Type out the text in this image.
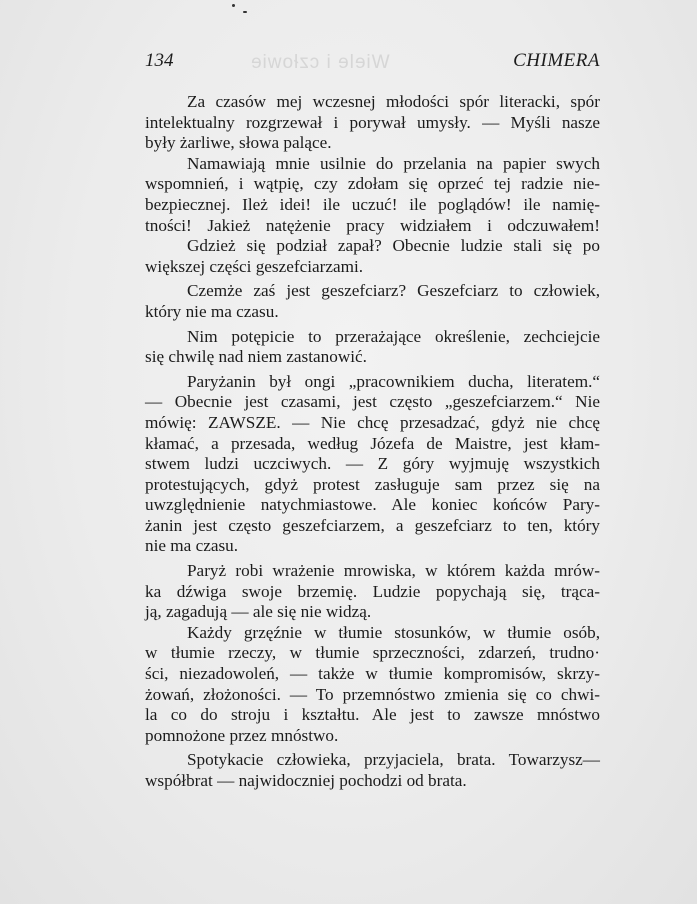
Wiele i człowie
134	CHIMERA
Za czasów mej wczesnej młodości spór literacki, spór
intelektualny rozgrzewał i porywał umysły. — Myśli nasze
były żarliwe, słowa palące.
Namawiają mnie usilnie do przelania na papier swych
wspomnień, i wątpię, czy zdołam się oprzeć tej radzie nie-
bezpiecznej. Ileż idei! ile uczuć! ile poglądów! ile namię-
tności! Jakież natężenie pracy widziałem i odczuwałem!
Gdzież się podział zapał? Obecnie ludzie stali się po
większej części geszefciarzami.
Czemże zaś jest geszefciarz? Geszefciarz to człowiek,
który nie ma czasu.
Nim potępicie to przerażające określenie, zechciejcie
się chwilę nad niem zastanowić.
Paryżanin był ongi „pracownikiem ducha, literatem.“
— Obecnie jest czasami, jest często „geszefciarzem.“ Nie
mówię: ZAWSZE. — Nie chcę przesadzać, gdyż nie chcę
kłamać, a przesada, według Józefa de Maistre, jest kłam-
stwem ludzi uczciwych. — Z góry wyjmuję wszystkich
protestujących, gdyż protest zasługuje sam przez się na
uwzględnienie natychmiastowe. Ale koniec końców Pary-
żanin jest często geszefciarzem, a geszefciarz to ten, który
nie ma czasu.
Paryż robi wrażenie mrowiska, w którem każda mrów-
ka dźwiga swoje brzemię. Ludzie popychają się, trąca-
ją, zagadują — ale się nie widzą.
Każdy grzęźnie w tłumie stosunków, w tłumie osób,
w tłumie rzeczy, w tłumie sprzeczności, zdarzeń, trudno·
ści, niezadowoleń, — także w tłumie kompromisów, skrzy-
żowań, złożoności. — To przemnóstwo zmienia się co chwi-
la co do stroju i kształtu. Ale jest to zawsze mnóstwo
pomnożone przez mnóstwo.
Spotykacie człowieka, przyjaciela, brata. Towarzysz—
współbrat — najwidoczniej pochodzi od brata.
